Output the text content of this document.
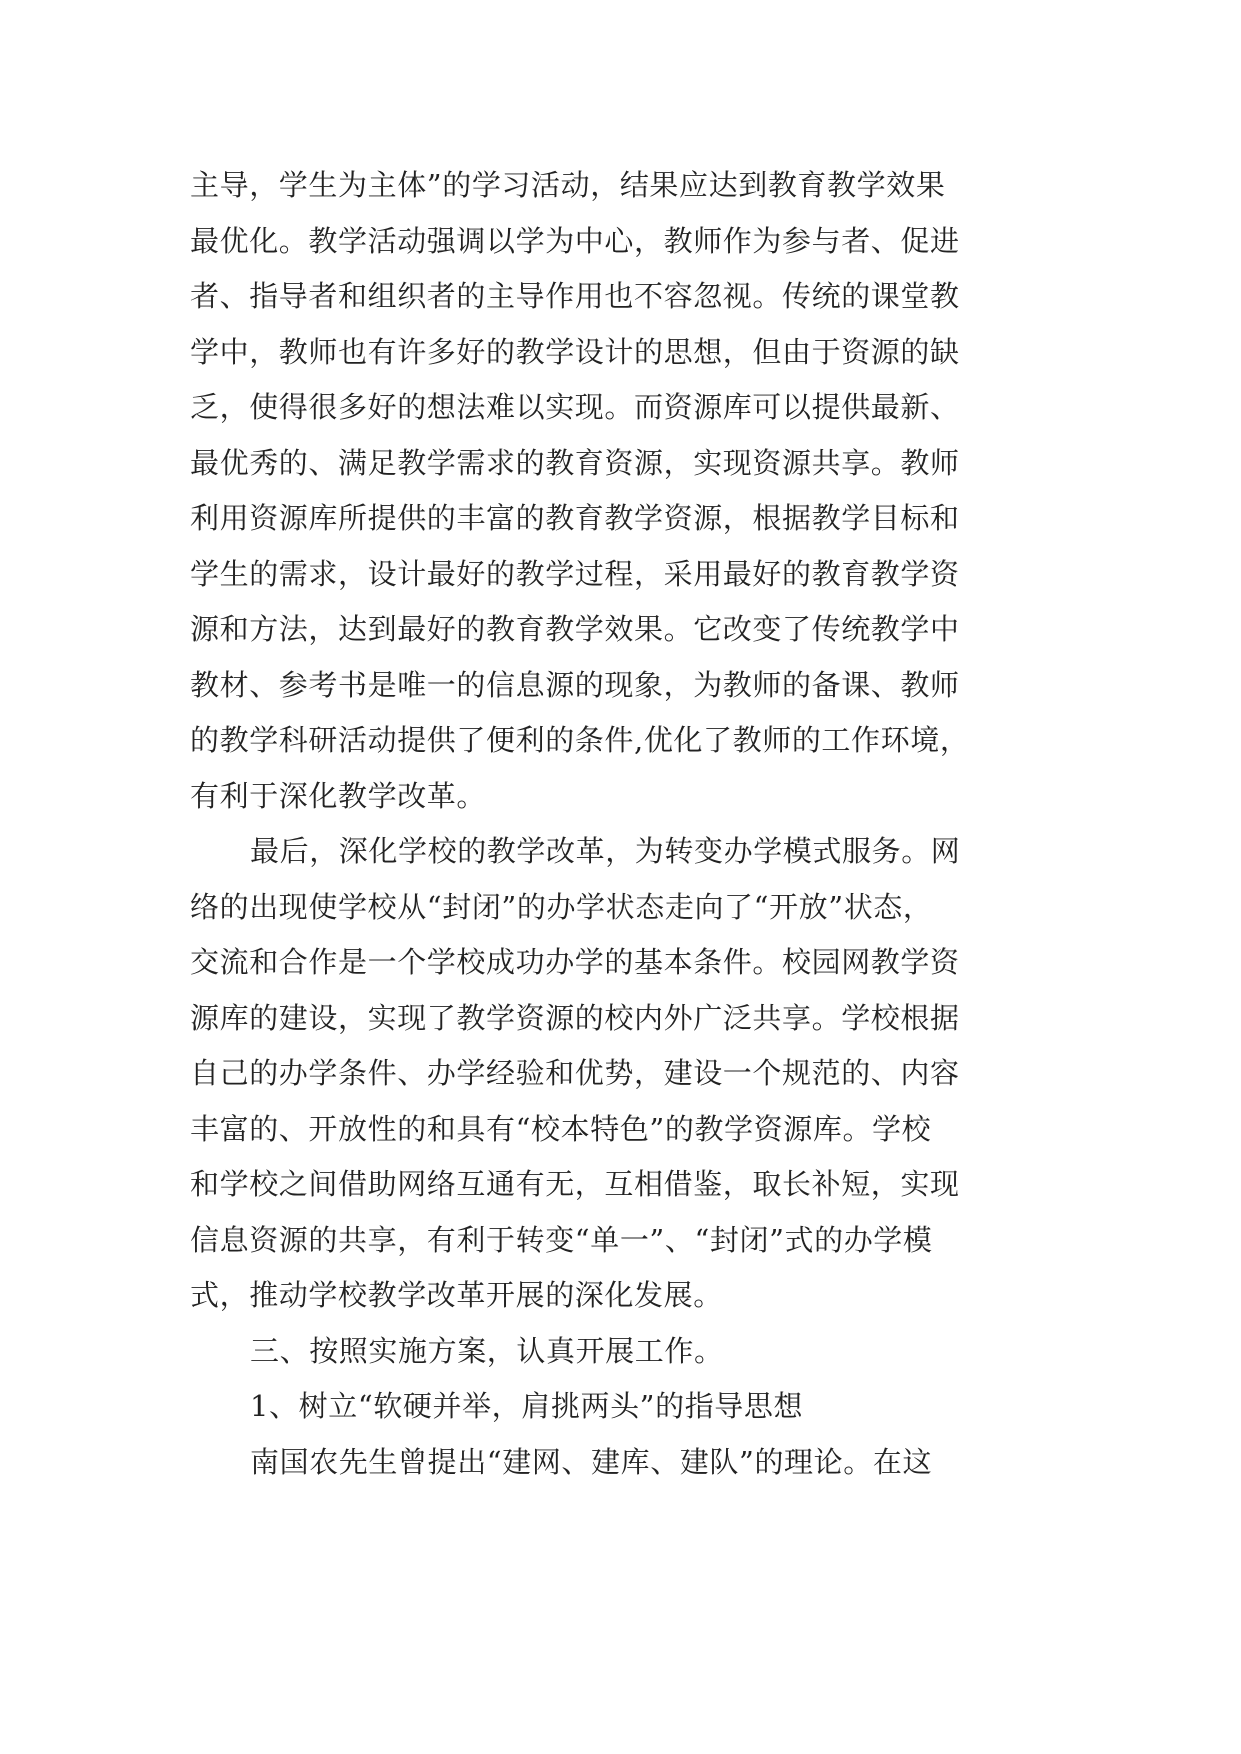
主导，学生为主体”的学习活动，结果应达到教育教学效果
最优化。教学活动强调以学为中心，教师作为参与者、促进
者、指导者和组织者的主导作用也不容忽视。传统的课堂教
学中，教师也有许多好的教学设计的思想，但由于资源的缺
乏，使得很多好的想法难以实现。而资源库可以提供最新、
最优秀的、满足教学需求的教育资源，实现资源共享。教师
利用资源库所提供的丰富的教育教学资源，根据教学目标和
学生的需求，设计最好的教学过程，采用最好的教育教学资
源和方法，达到最好的教育教学效果。它改变了传统教学中
教材、参考书是唯一的信息源的现象，为教师的备课、教师
的教学科研活动提供了便利的条件,优化了教师的工作环境，
有利于深化教学改革。
最后，深化学校的教学改革，为转变办学模式服务。网
络的出现使学校从“封闭”的办学状态走向了“开放”状态，
交流和合作是一个学校成功办学的基本条件。校园网教学资
源库的建设，实现了教学资源的校内外广泛共享。学校根据
自己的办学条件、办学经验和优势，建设一个规范的、内容
丰富的、开放性的和具有“校本特色”的教学资源库。学校
和学校之间借助网络互通有无，互相借鉴，取长补短，实现
信息资源的共享，有利于转变“单一”、“封闭”式的办学模
式，推动学校教学改革开展的深化发展。
三、按照实施方案，认真开展工作。
1、树立“软硬并举，肩挑两头”的指导思想
南国农先生曾提出“建网、建库、建队”的理论。在这
